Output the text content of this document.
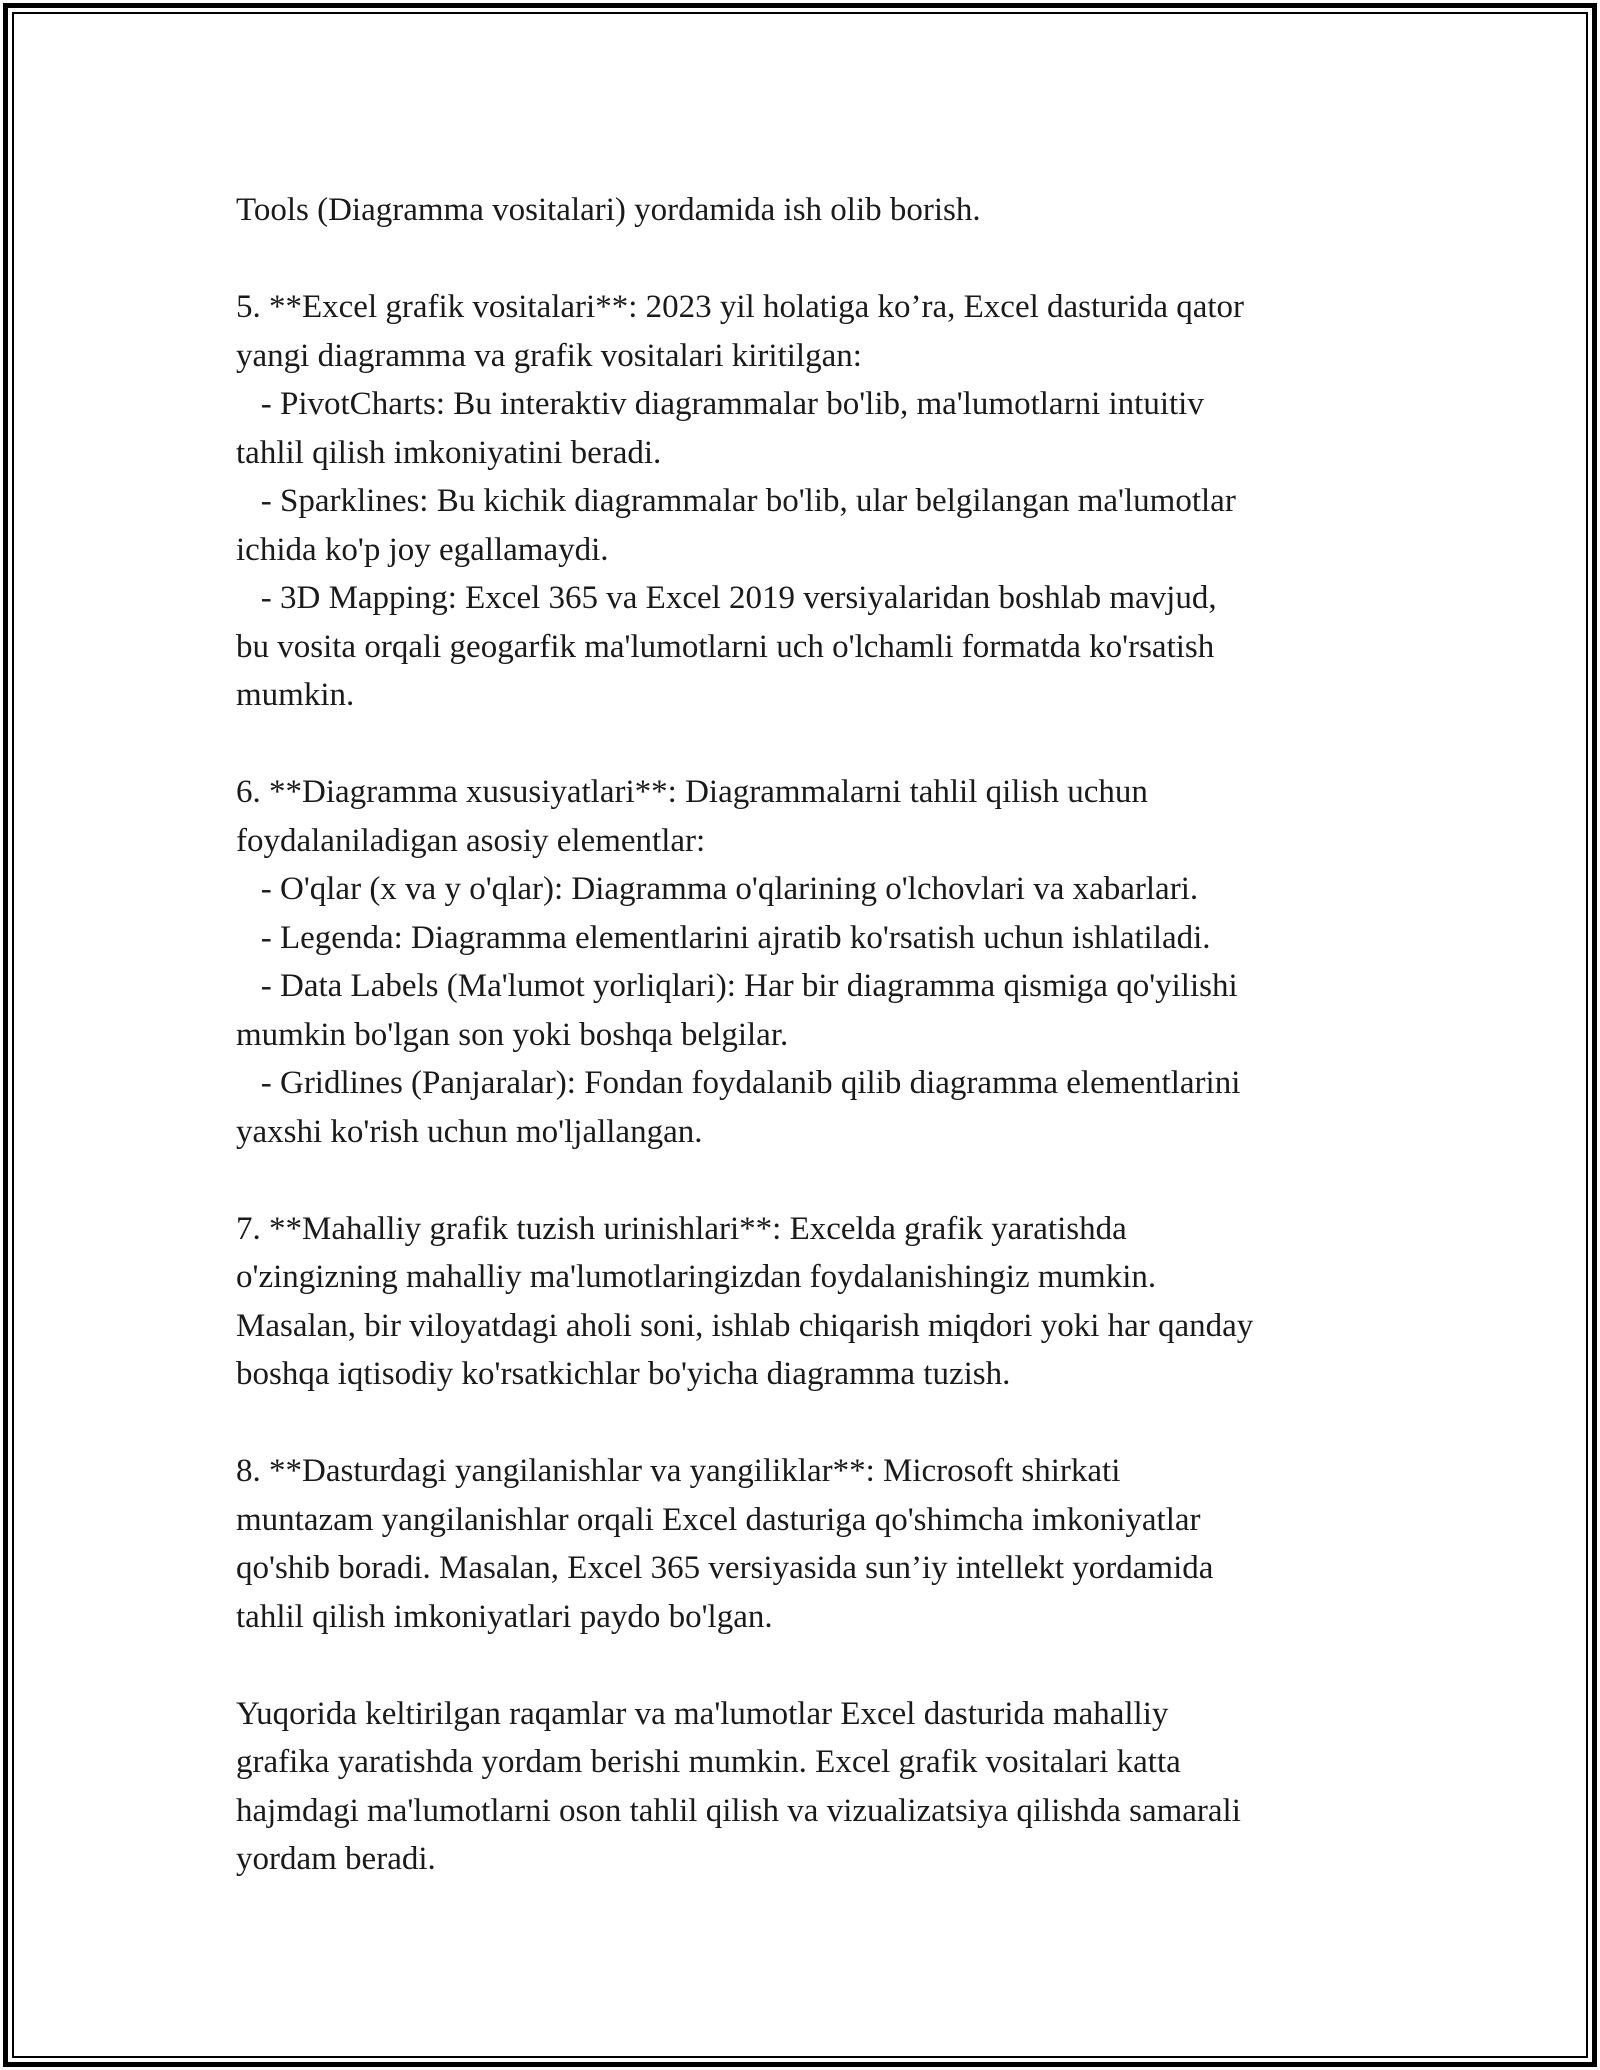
Tools (Diagramma vositalari) yordamida ish olib borish.
5. **Excel grafik vositalari**: 2023 yil holatiga ko’ra, Excel dasturida qator
yangi diagramma va grafik vositalari kiritilgan:
- PivotCharts: Bu interaktiv diagrammalar bo'lib, ma'lumotlarni intuitiv
tahlil qilish imkoniyatini beradi.
- Sparklines: Bu kichik diagrammalar bo'lib, ular belgilangan ma'lumotlar
ichida ko'p joy egallamaydi.
- 3D Mapping: Excel 365 va Excel 2019 versiyalaridan boshlab mavjud,
bu vosita orqali geogarfik ma'lumotlarni uch o'lchamli formatda ko'rsatish
mumkin.
6. **Diagramma xususiyatlari**: Diagrammalarni tahlil qilish uchun
foydalaniladigan asosiy elementlar:
- O'qlar (x va y o'qlar): Diagramma o'qlarining o'lchovlari va xabarlari.
- Legenda: Diagramma elementlarini ajratib ko'rsatish uchun ishlatiladi.
- Data Labels (Ma'lumot yorliqlari): Har bir diagramma qismiga qo'yilishi
mumkin bo'lgan son yoki boshqa belgilar.
- Gridlines (Panjaralar): Fondan foydalanib qilib diagramma elementlarini
yaxshi ko'rish uchun mo'ljallangan.
7. **Mahalliy grafik tuzish urinishlari**: Excelda grafik yaratishda
o'zingizning mahalliy ma'lumotlaringizdan foydalanishingiz mumkin.
Masalan, bir viloyatdagi aholi soni, ishlab chiqarish miqdori yoki har qanday
boshqa iqtisodiy ko'rsatkichlar bo'yicha diagramma tuzish.
8. **Dasturdagi yangilanishlar va yangiliklar**: Microsoft shirkati
muntazam yangilanishlar orqali Excel dasturiga qo'shimcha imkoniyatlar
qo'shib boradi. Masalan, Excel 365 versiyasida sun’iy intellekt yordamida
tahlil qilish imkoniyatlari paydo bo'lgan.
Yuqorida keltirilgan raqamlar va ma'lumotlar Excel dasturida mahalliy
grafika yaratishda yordam berishi mumkin. Excel grafik vositalari katta
hajmdagi ma'lumotlarni oson tahlil qilish va vizualizatsiya qilishda samarali
yordam beradi.
